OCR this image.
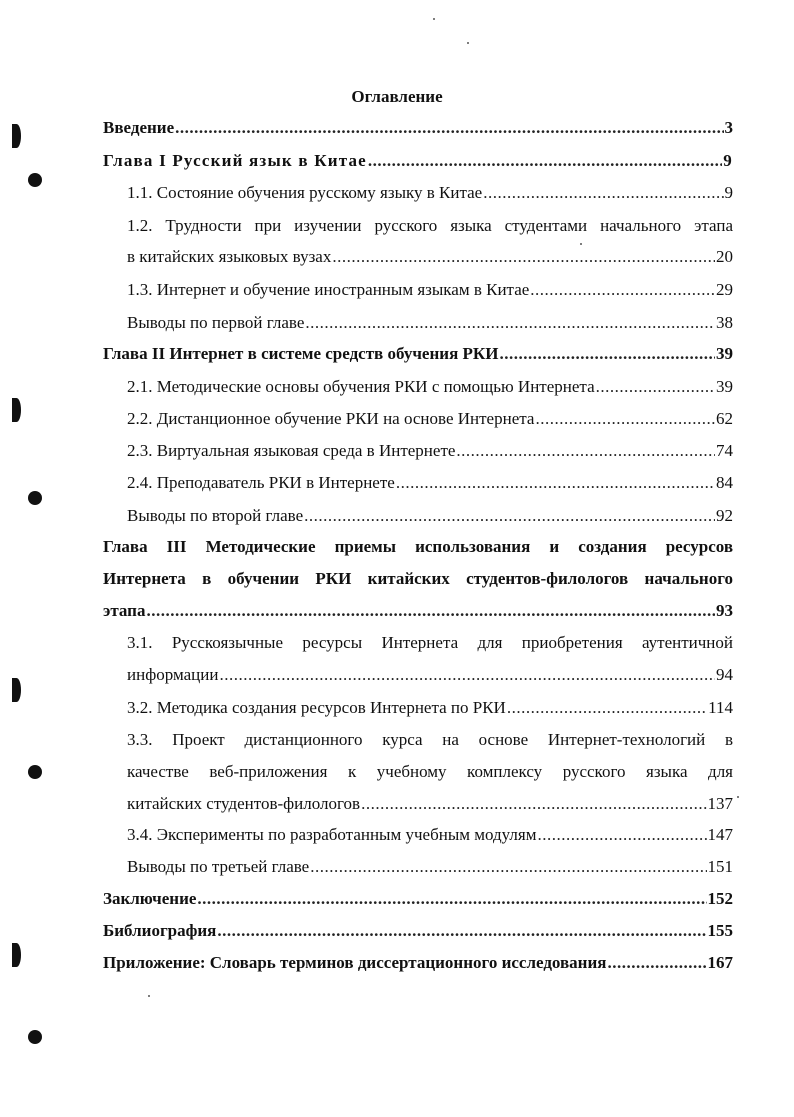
Оглавление
Введение .....	3
Глава I Русский язык в Китае .....	9
1.1. Состояние обучения русскому языку в Китае .....	9
1.2. Трудности при изучении русского языка студентами начального этапа
в китайских языковых вузах .....	20
1.3. Интернет и обучение иностранным языкам в Китае .....	29
Выводы по первой главе .....	38
Глава II Интернет в системе средств обучения РКИ .....	39
2.1. Методические основы обучения РКИ с помощью Интернета .....	39
2.2. Дистанционное обучение РКИ на основе Интернета .....	62
2.3. Виртуальная языковая среда в Интернете .....	74
2.4. Преподаватель РКИ в Интернете .....	84
Выводы по второй главе .....	92
Глава III Методические приемы использования и создания ресурсов
Интернета в обучении РКИ китайских студентов-филологов начального
этапа .....	93
3.1. Русскоязычные ресурсы Интернета для приобретения аутентичной
информации .....	94
3.2. Методика создания ресурсов Интернета по РКИ .....	114
3.3. Проект дистанционного курса на основе Интернет-технологий в
качестве веб-приложения к учебному комплексу русского языка для
китайских студентов-филологов .....	137
3.4. Эксперименты по разработанным учебным модулям .....	147
Выводы по третьей главе .....	151
Заключение .....	152
Библиография .....	155
Приложение: Словарь терминов диссертационного исследования .....	167
